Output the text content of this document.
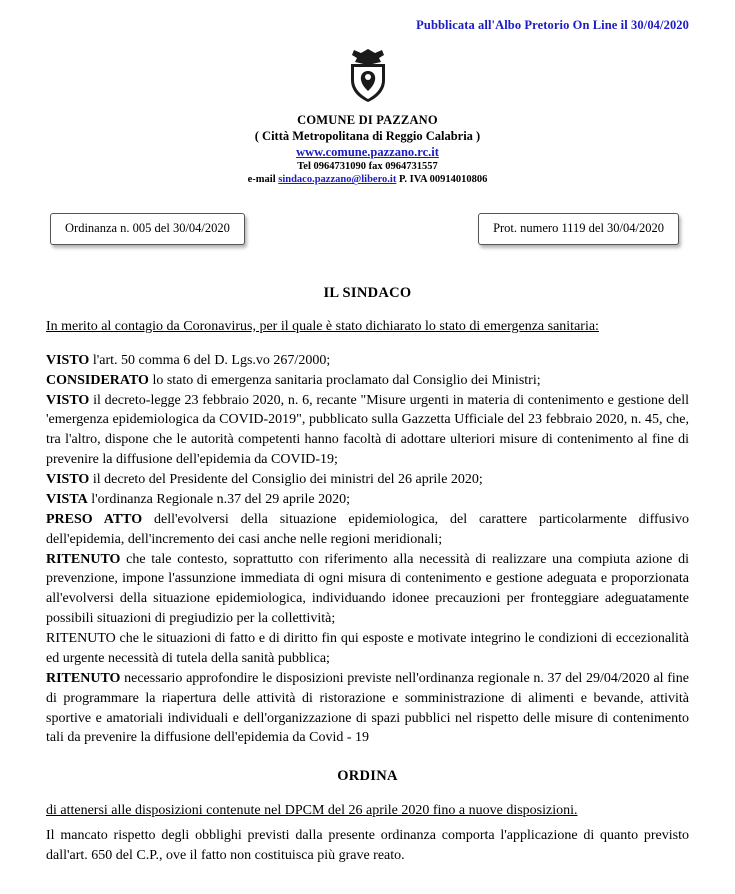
Pubblicata all'Albo Pretorio On Line il 30/04/2020
COMUNE DI PAZZANO
( Città Metropolitana di Reggio Calabria )
www.comune.pazzano.rc.it
Tel 0964731090 fax 0964731557
e-mail sindaco.pazzano@libero.it P. IVA 00914010806
Ordinanza n. 005 del 30/04/2020	Prot. numero 1119 del 30/04/2020
IL SINDACO
In merito al contagio da Coronavirus, per il quale è stato dichiarato lo stato di emergenza sanitaria:

VISTO l'art. 50 comma 6 del D. Lgs.vo 267/2000;

CONSIDERATO lo stato di emergenza sanitaria proclamato dal Consiglio dei Ministri;

VISTO il decreto-legge 23 febbraio 2020, n. 6, recante "Misure urgenti in materia di contenimento e gestione dell 'emergenza epidemiologica da COVID-2019", pubblicato sulla Gazzetta Ufficiale del 23 febbraio 2020, n. 45, che, tra l'altro, dispone che le autorità competenti hanno facoltà di adottare ulteriori misure di contenimento al fine di prevenire la diffusione dell'epidemia da COVID-19;

VISTO il decreto del Presidente del Consiglio dei ministri del 26 aprile 2020;

VISTA l'ordinanza Regionale n.37 del 29 aprile 2020;

PRESO ATTO dell'evolversi della situazione epidemiologica, del carattere particolarmente diffusivo dell'epidemia, dell'incremento dei casi anche nelle regioni meridionali;

RITENUTO che tale contesto, soprattutto con riferimento alla necessità di realizzare una compiuta azione di prevenzione, impone l'assunzione immediata di ogni misura di contenimento e gestione adeguata e proporzionata all'evolversi della situazione epidemiologica, individuando idonee precauzioni per fronteggiare adeguatamente possibili situazioni di pregiudizio per la collettività;

RITENUTO che le situazioni di fatto e di diritto fin qui esposte e motivate integrino le condizioni di eccezionalità ed urgente necessità di tutela della sanità pubblica;

RITENUTO necessario approfondire le disposizioni previste nell'ordinanza regionale n. 37 del 29/04/2020 al fine di programmare la riapertura delle attività di ristorazione e somministrazione di alimenti e bevande, attività sportive e amatoriali individuali e dell'organizzazione di spazi pubblici nel rispetto delle misure di contenimento tali da prevenire la diffusione dell'epidemia da Covid - 19

ORDINA
di attenersi alle disposizioni contenute nel DPCM del 26 aprile 2020 fino a nuove disposizioni.
Il mancato rispetto degli obblighi previsti dalla presente ordinanza comporta l'applicazione di quanto previsto dall'art. 650 del C.P., ove il fatto non costituisca più grave reato.
